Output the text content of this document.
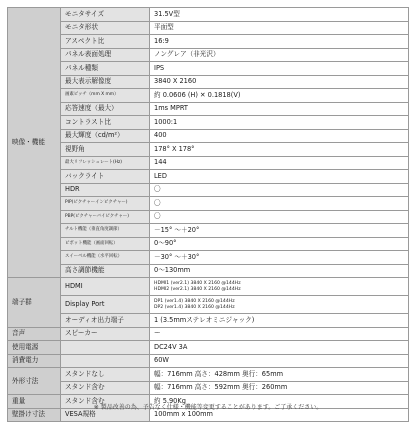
映像・機能	モニタサイズ	31.5V型
	モニタ形状	平面型
	アスペクト比	16:9
	パネル表面処理	ノングレア（非光沢）
	パネル種類	IPS
	最大表示解像度	3840 X 2160
	画素ピッチ（mm X mm）	約 0.0606 (H) ✕ 0.1818(V)
	応答速度（最大）	1ms MPRT
	コントラスト比	1000:1
	最大輝度（cd/m²）	400
	視野角	178° X 178°
	最大リフレッシュレート(Hz)	144
	バックライト	LED
	HDR	〇
	PIP(ピクチャーインピクチャー)	〇
	PBP(ピクチャーバイピクチャー)	〇
	チルト機能（垂直角度調節）	－15° ～＋20°
	ピボット機能（画面回転）	0～90°
	スイーベル機能（水平回転）	－30° ～＋30°
	高さ調節機能	0～130mm
端子群	HDMI	HDMI1 (ver2.1) 3840 X 2160 @144Hz
HDMI2 (ver2.1) 3840 X 2160 @144Hz

	Display Port	DP1 (ver1.4) 3840 X 2160 @144Hz
DP2 (ver1.4) 3840 X 2160 @144Hz

	オーディオ出力端子	1 (3.5mmステレオミニジャック)
音声	スピーカー	ー
使用電源		DC24V 3A
消費電力		60W
外形寸法	スタンドなし	幅：716mm 高さ：428mm 奥行：65mm
	スタンド含む	幅：716mm 高さ：592mm 奥行：260mm
重量	スタンド含む	約 5.90Kg
壁掛け寸法	VESA規格	100mm x 100mm
※ 製品改善の為、予告なく仕様・機能等変更することがあります。ご了承ください。
